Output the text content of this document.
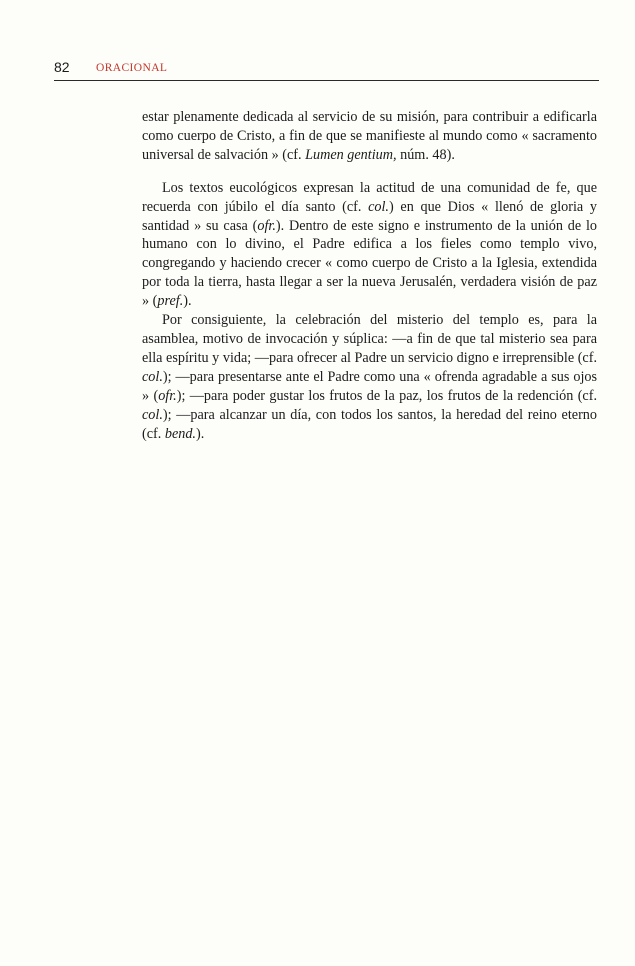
82 ORACIONAL

estar plenamente dedicada al servicio de su misión, para contribuir a edificarla como cuerpo de Cristo, a fin de que se manifieste al mundo como « sacramento universal de salvación » (cf. Lumen gentium, núm. 48).

Los textos eucológicos expresan la actitud de una comunidad de fe, que recuerda con júbilo el día santo (cf. col.) en que Dios « llenó de gloria y santidad » su casa (ofr.). Dentro de este signo e instrumento de la unión de lo humano con lo divino, el Padre edifica a los fieles como templo vivo, congregando y haciendo crecer « como cuerpo de Cristo a la Iglesia, extendida por toda la tierra, hasta llegar a ser la nueva Jerusalén, verdadera visión de paz » (pref.).

Por consiguiente, la celebración del misterio del templo es, para la asamblea, motivo de invocación y súplica: —a fin de que tal misterio sea para ella espíritu y vida; —para ofrecer al Padre un servicio digno e irreprensible (cf. col.); —para presentarse ante el Padre como una « ofrenda agradable a sus ojos » (ofr.); —para poder gustar los frutos de la paz, los frutos de la redención (cf. col.); —para alcanzar un día, con todos los santos, la heredad del reino eterno (cf. bend.).
